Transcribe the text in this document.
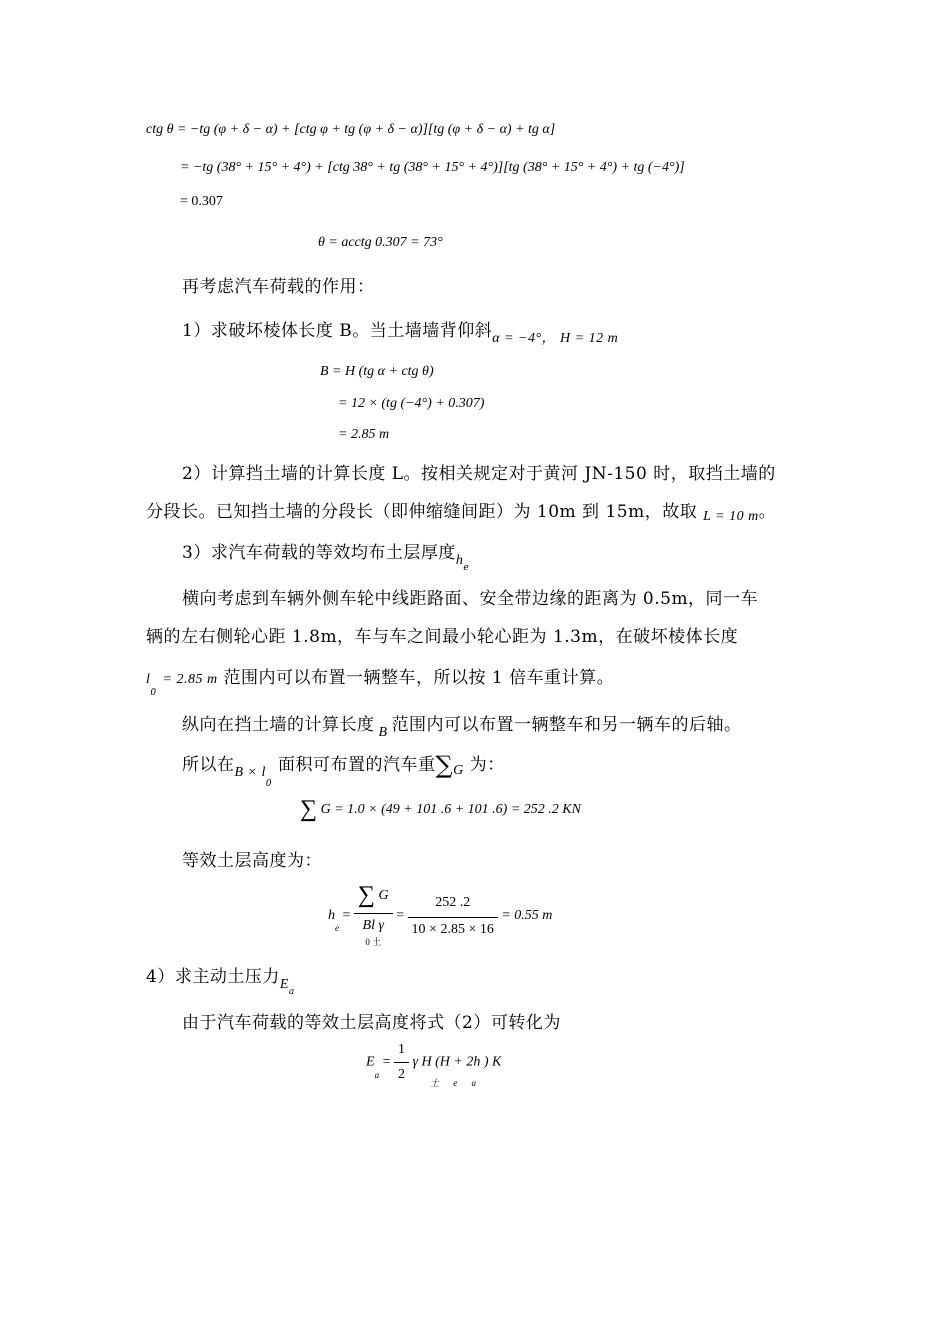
ctg θ = −tg (φ + δ − α) + [ctg φ + tg (φ + δ − α)][tg (φ + δ − α) + tg α]
= −tg (38° + 15° + 4°) + [ctg 38° + tg (38° + 15° + 4°)][tg (38° + 15° + 4°) + tg (−4°)]
= 0.307
θ = acctg 0.307 = 73°
再考虑汽车荷载的作用：
1）求破坏棱体长度 B。当土墙墙背仰斜$_{\alpha = -4^\circ, H = 12 m}$
B = H (tg α + ctg θ)
= 12 × (tg (−4°) + 0.307)
= 2.85 m
2）计算挡土墙的计算长度 L。按相关规定对于黄河 JN-150 时，取挡土墙的
分段长。已知挡土墙的分段长（即伸缩缝间距）为 10m 到 15m，故取 L = 10 m。
3）求汽车荷载的等效均布土层厚度$_{he}$
横向考虑到车辆外侧车轮中线距路面、安全带边缘的距离为 0.5m，同一车
辆的左右侧轮心距 1.8m，车与车之间最小轮心距为 1.3m，在破坏棱体长度
$l_0 = 2.85$ m 范围内可以布置一辆整车，所以按 1 倍车重计算。
纵向在挡土墙的计算长度 $_B$ 范围内可以布置一辆整车和另一辆车的后轴。
所以在$_{B \times l0}$ 面积可布置的汽车重$\sum_G$ 为：
∑ G = 1.0 × (49 + 101 .6 + 101 .6) = 252 .2 KN
等效土层高度为：
$h_e$ =
∑ G
Bl γ
0 土
= $\frac{252 .2}{10 \times 2.85 \times 16} = 0.55$ m
4）求主动土压力$_{Ea}$
由于汽车荷载的等效土层高度将式（2）可转化为
$E_a = \frac{1}{2}$ γ H (H + 2h ) K
土 e a
